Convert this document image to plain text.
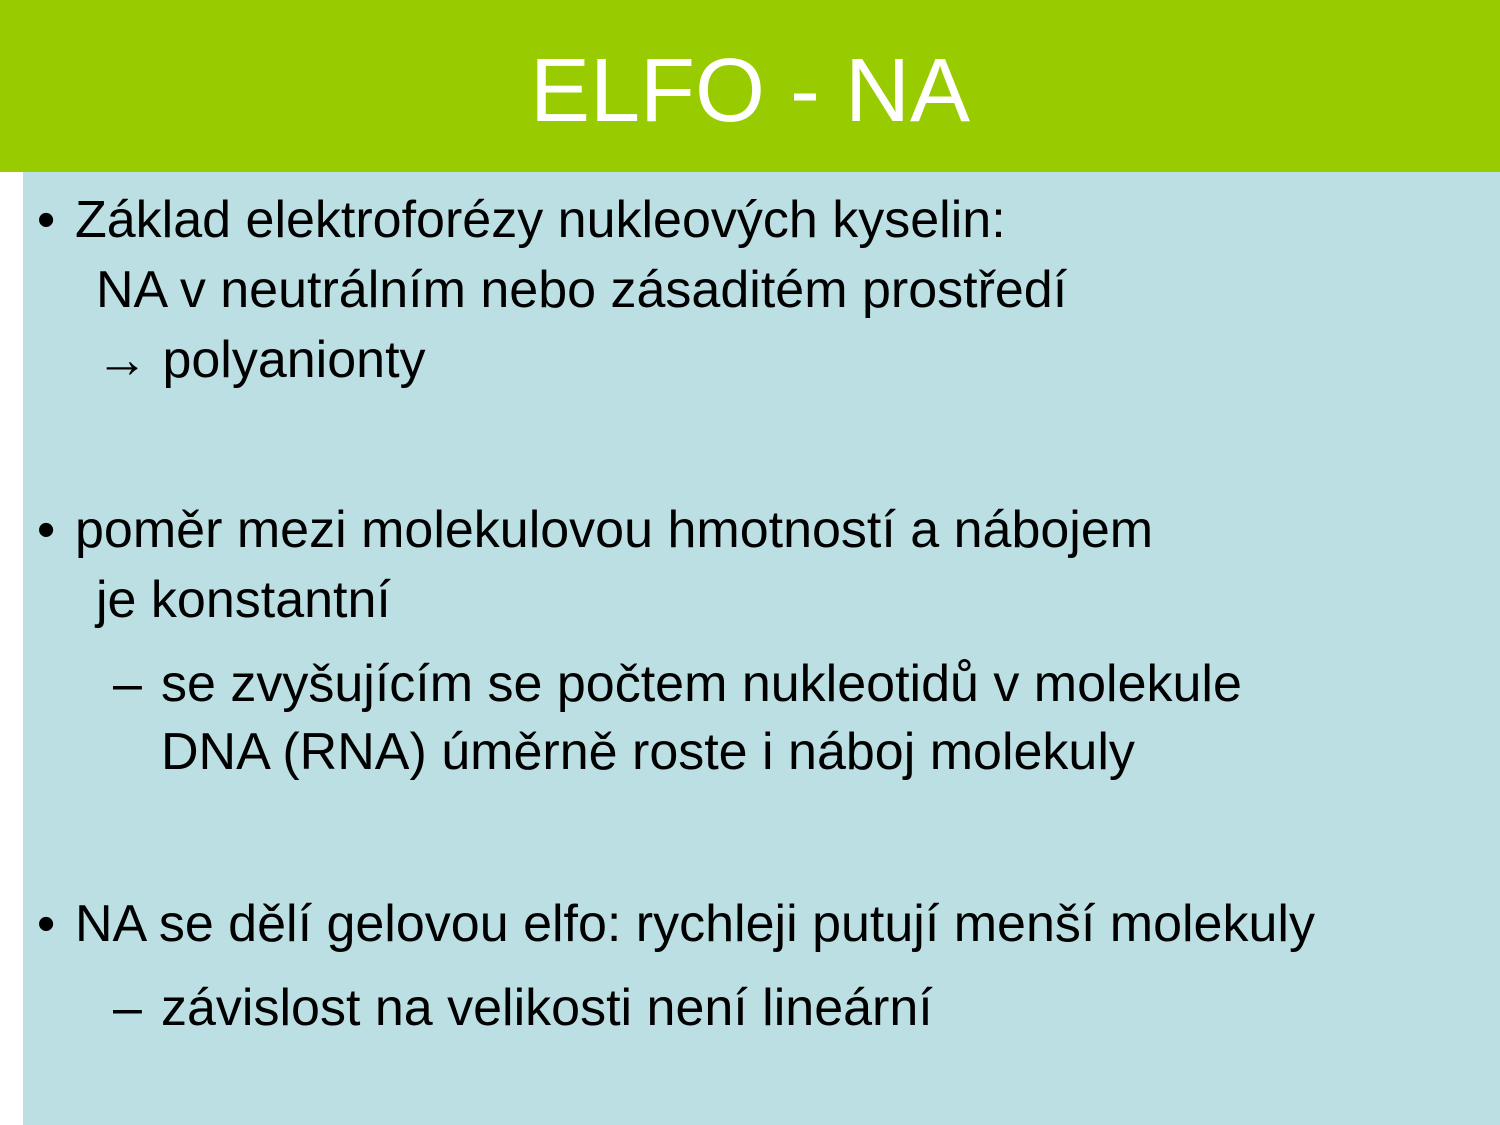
ELFO - NA
• Základ elektroforézy nukleových kyselin:

NA v neutrálním nebo zásaditém prostředí

→ polyanionty

• poměr mezi molekulovou hmotností a nábojem

je konstantní

– se zvyšujícím se počtem nukleotidů v molekule

DNA (RNA) úměrně roste i náboj molekuly

• NA se dělí gelovou elfo: rychleji putují menší molekuly

– závislost na velikosti není lineární
